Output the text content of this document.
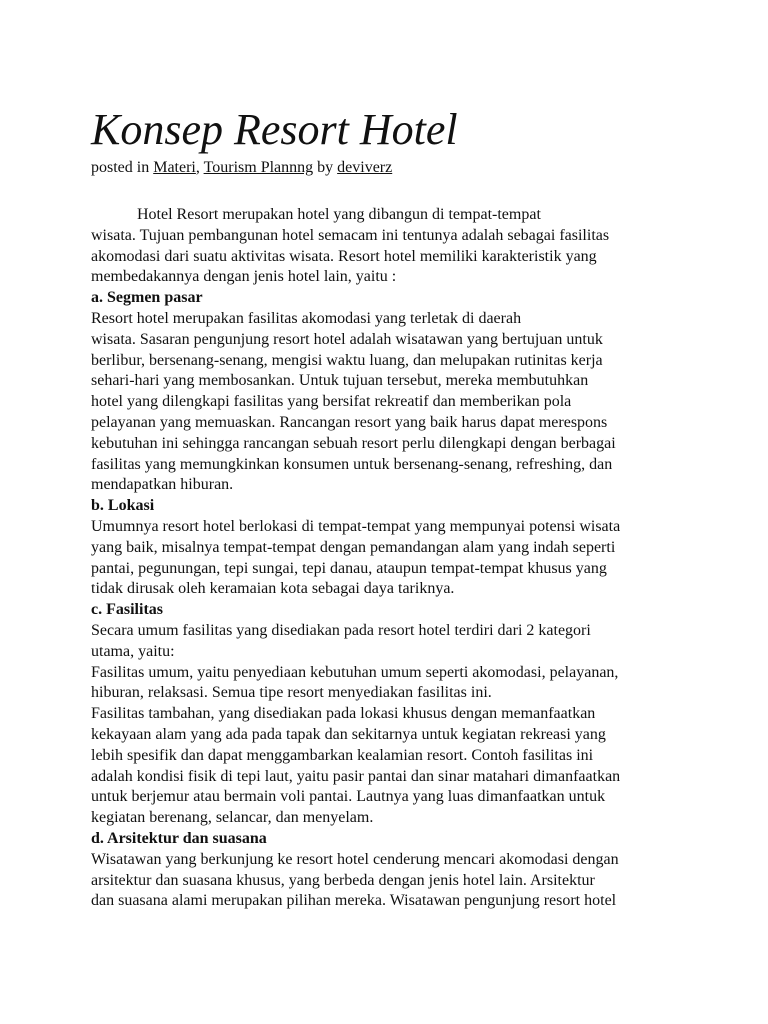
Konsep Resort Hotel
posted in Materi, Tourism Plannng by deviverz
Hotel Resort merupakan hotel yang dibangun di tempat-tempat
wisata. Tujuan pembangunan hotel semacam ini tentunya adalah sebagai fasilitas
akomodasi dari suatu aktivitas wisata. Resort hotel memiliki karakteristik yang
membedakannya dengan jenis hotel lain, yaitu :
a. Segmen pasar
Resort hotel merupakan fasilitas akomodasi yang terletak di daerah
wisata. Sasaran pengunjung resort hotel adalah wisatawan yang bertujuan untuk
berlibur, bersenang-senang, mengisi waktu luang, dan melupakan rutinitas kerja
sehari-hari yang membosankan. Untuk tujuan tersebut, mereka membutuhkan
hotel yang dilengkapi fasilitas yang bersifat rekreatif dan memberikan pola
pelayanan yang memuaskan. Rancangan resort yang baik harus dapat merespons
kebutuhan ini sehingga rancangan sebuah resort perlu dilengkapi dengan berbagai
fasilitas yang memungkinkan konsumen untuk bersenang-senang, refreshing, dan
mendapatkan hiburan.
b. Lokasi
Umumnya resort hotel berlokasi di tempat-tempat yang mempunyai potensi wisata
yang baik, misalnya tempat-tempat dengan pemandangan alam yang indah seperti
pantai, pegunungan, tepi sungai, tepi danau, ataupun tempat-tempat khusus yang
tidak dirusak oleh keramaian kota sebagai daya tariknya.
c. Fasilitas
Secara umum fasilitas yang disediakan pada resort hotel terdiri dari 2 kategori
utama, yaitu:
Fasilitas umum, yaitu penyediaan kebutuhan umum seperti akomodasi, pelayanan,
hiburan, relaksasi. Semua tipe resort menyediakan fasilitas ini.
Fasilitas tambahan, yang disediakan pada lokasi khusus dengan memanfaatkan
kekayaan alam yang ada pada tapak dan sekitarnya untuk kegiatan rekreasi yang
lebih spesifik dan dapat menggambarkan kealamian resort. Contoh fasilitas ini
adalah kondisi fisik di tepi laut, yaitu pasir pantai dan sinar matahari dimanfaatkan
untuk berjemur atau bermain voli pantai. Lautnya yang luas dimanfaatkan untuk
kegiatan berenang, selancar, dan menyelam.
d. Arsitektur dan suasana
Wisatawan yang berkunjung ke resort hotel cenderung mencari akomodasi dengan
arsitektur dan suasana khusus, yang berbeda dengan jenis hotel lain. Arsitektur
dan suasana alami merupakan pilihan mereka. Wisatawan pengunjung resort hotel
